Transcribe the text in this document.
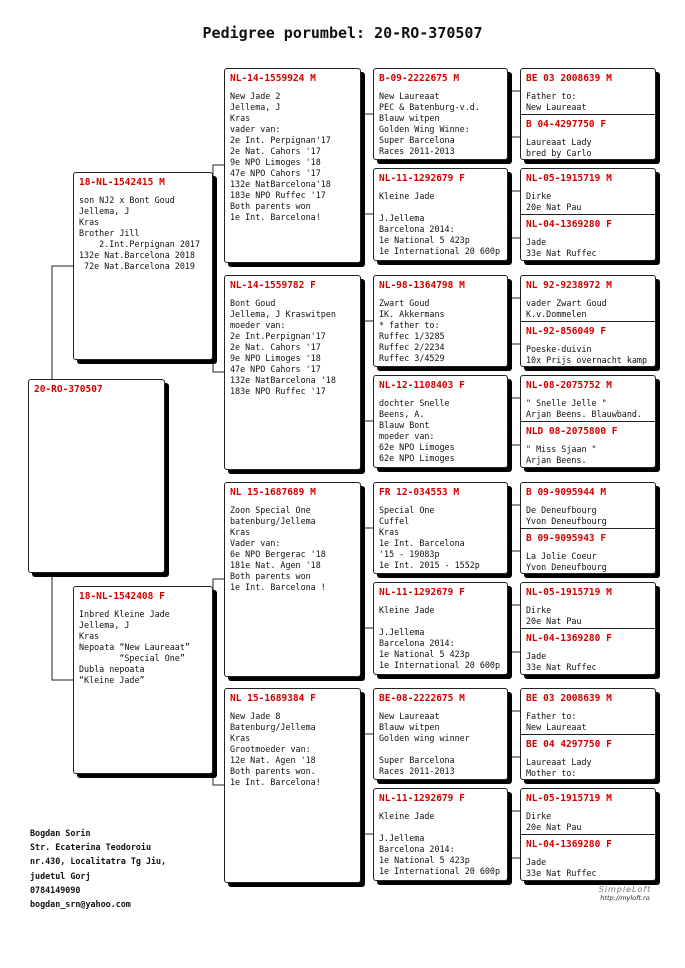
Pedigree porumbel: 20-RO-370507
20-RO-370507
18-NL-1542415 M
son NJ2 x Bont Goud
Jellema, J
Kras
Brother Jill
2.Int.Perpignan 2017
132e Nat.Barcelona 2018
72e Nat.Barcelona 2019
18-NL-1542408 F
Inbred Kleine Jade
Jellema, J
Kras
Nepoata “New Laureaat”
“Special One”
Dubla nepoata
“Kleine Jade”
NL-14-1559924 M
New Jade 2
Jellema, J
Kras
vader van:
2e Int. Perpignan'17
2e Nat. Cahors '17
9e NPO Limoges '18
47e NPO Cahors '17
132e NatBarcelona'18
183e NPO Ruffec '17
Both parents won
1e Int. Barcelona!
NL-14-1559782 F
Bont Goud
Jellema, J Kraswitpen
moeder van:
2e Int.Perpignan'17
2e Nat. Cahors '17
9e NPO Limoges '18
47e NPO Cahors '17
132e NatBarcelona '18
183e NPO Ruffec '17
NL 15-1687689 M
Zoon Special One
batenburg/Jellema
Kras
Vader van:
6e NPO Bergerac '18
181e Nat. Agen '18
Both parents won
1e Int. Barcelona !
NL 15-1689384 F
New Jade 8
Batenburg/Jellema
Kras
Grootmoeder van:
12e Nat. Agen '18
Both parents won.
1e Int. Barcelona!
B-09-2222675 M
New Laureaat
PEC & Batenburg-v.d.
Blauw witpen
Golden Wing Winne:
Super Barcelona
Races 2011-2013
NL-11-1292679 F
Kleine Jade

J.Jellema
Barcelona 2014:
1e National 5 423p
1e International 20 600p
NL-98-1364798 M
Zwart Goud
IK. Akkermans
* father to:
Ruffec 1/3285
Ruffec 2/2234
Ruffec 3/4529
NL-12-1108403 F
dochter Snelle
Beens, A.
Blauw Bont
moeder van:
62e NPO Limoges
62e NPO Limoges
FR 12-034553 M
Special One
Cuffel
Kras
1e Int. Barcelona
'15 - 19083p
1e Int. 2015 - 1552p
NL-11-1292679 F
Kleine Jade

J.Jellema
Barcelona 2014:
1e National 5 423p
1e International 20 600p
BE-08-2222675 M
New Laureaat
Blauw witpen
Golden wing winner

Super Barcelona
Races 2011-2013
NL-11-1292679 F
Kleine Jade

J.Jellema
Barcelona 2014:
1e National 5 423p
1e International 20 600p
BE 03 2008639 M
Father to:
New Laureaat
B 04-4297750 F
Laureaat Lady
bred by Carlo
NL-05-1915719 M
Dirke
20e Nat Pau
NL-04-1369280 F
Jade
33e Nat Ruffec
NL 92-9238972 M
vader Zwart Goud
K.v.Dommelen
NL-92-856049 F
Poeske-duivin
10x Prijs overnacht kamp
NL-08-2075752 M
" Snelle Jelle "
Arjan Beens. Blauwband.
NLD 08-2075800 F
" Miss Sjaan "
Arjan Beens.
B 09-9095944 M
De Deneufbourg
Yvon Deneufbourg
B 09-9095943 F
La Jolie Coeur
Yvon Deneufbourg
NL-05-1915719 M
Dirke
20e Nat Pau
NL-04-1369280 F
Jade
33e Nat Ruffec
BE 03 2008639 M
Father to:
New Laureaat
BE 04 4297750 F
Laureaat Lady
Mother to:
NL-05-1915719 M
Dirke
20e Nat Pau
NL-04-1369280 F
Jade
33e Nat Ruffec
Bogdan Sorin
Str. Ecaterina Teodoroiu
nr.430, Localitatra Tg Jiu,
judetul Gorj
0784149090
bogdan_srn@yahoo.com
SimpleLoft
http://myloft.ro
